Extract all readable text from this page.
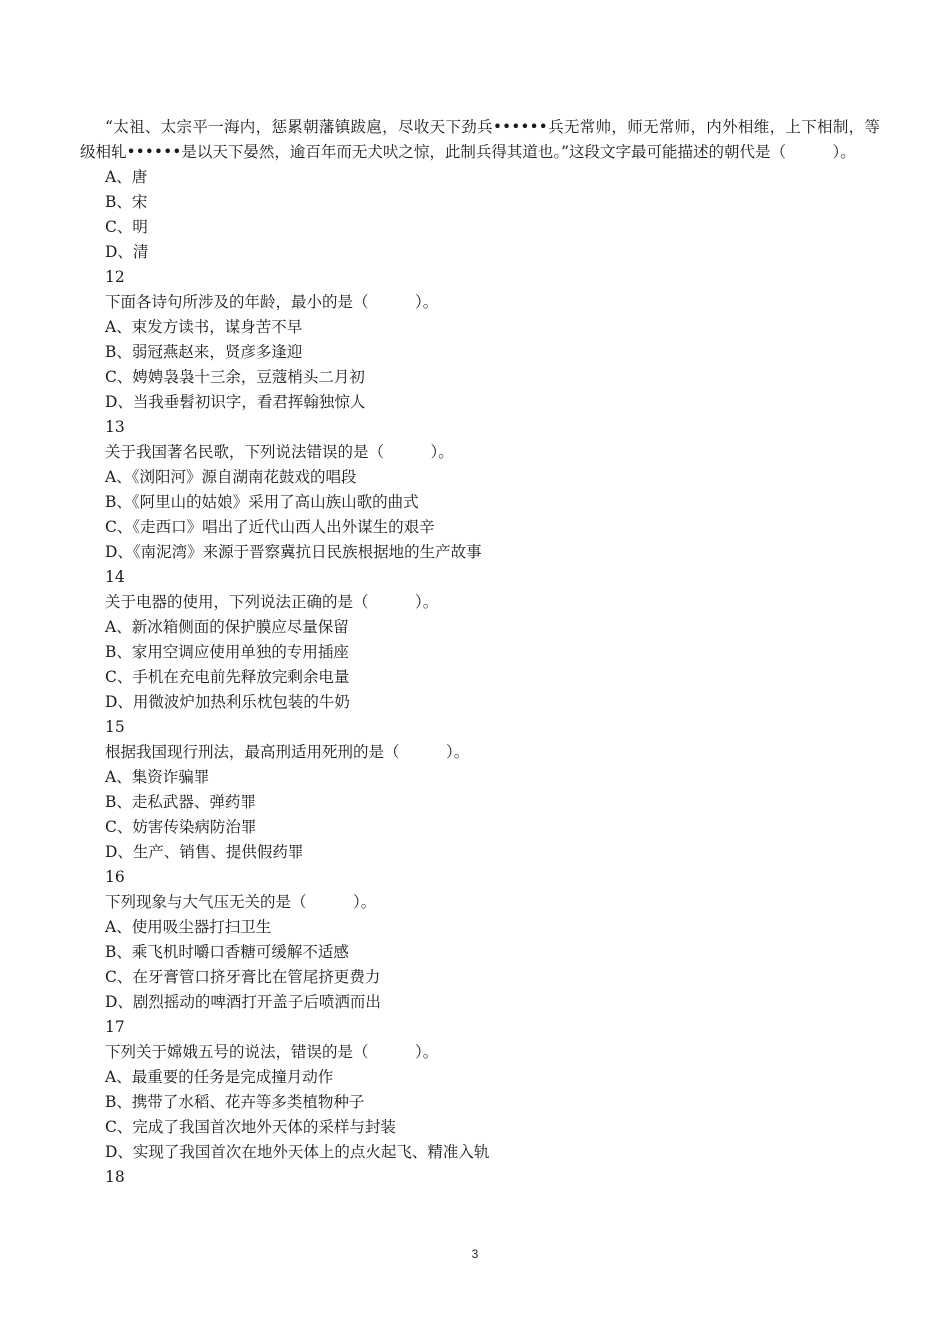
“太祖、太宗平一海内，惩累朝藩镇跋扈，尽收天下劲兵••••••兵无常帅，师无常师，内外相维，上下相制，等级相轧••••••是以天下晏然，逾百年而无犬吠之惊，此制兵得其道也。”这段文字最可能描述的朝代是（　　　）。

A、唐

B、宋

C、明

D、清

12

下面各诗句所涉及的年龄，最小的是（　　　）。

A、束发方读书，谋身苦不早

B、弱冠燕赵来，贤彦多逢迎

C、娉娉袅袅十三余，豆蔻梢头二月初

D、当我垂髫初识字，看君挥翰独惊人

13

关于我国著名民歌，下列说法错误的是（　　　）。

A、《浏阳河》源自湖南花鼓戏的唱段

B、《阿里山的姑娘》采用了高山族山歌的曲式

C、《走西口》唱出了近代山西人出外谋生的艰辛

D、《南泥湾》来源于晋察冀抗日民族根据地的生产故事

14

关于电器的使用，下列说法正确的是（　　　）。

A、新冰箱侧面的保护膜应尽量保留

B、家用空调应使用单独的专用插座

C、手机在充电前先释放完剩余电量

D、用微波炉加热利乐枕包装的牛奶

15

根据我国现行刑法，最高刑适用死刑的是（　　　）。

A、集资诈骗罪

B、走私武器、弹药罪

C、妨害传染病防治罪

D、生产、销售、提供假药罪

16

下列现象与大气压无关的是（　　　）。

A、使用吸尘器打扫卫生

B、乘飞机时嚼口香糖可缓解不适感

C、在牙膏管口挤牙膏比在管尾挤更费力

D、剧烈摇动的啤酒打开盖子后喷洒而出

17

下列关于嫦娥五号的说法，错误的是（　　　）。

A、最重要的任务是完成撞月动作

B、携带了水稻、花卉等多类植物种子

C、完成了我国首次地外天体的采样与封装

D、实现了我国首次在地外天体上的点火起飞、精准入轨

18

3
